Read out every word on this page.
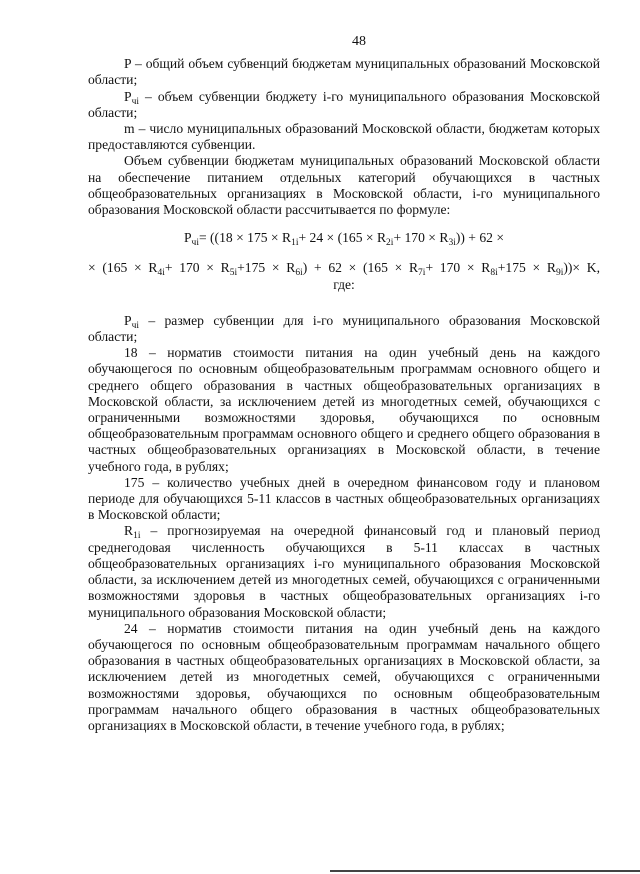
48

P – общий объем субвенций бюджетам муниципальных образований Московской области;

$P_{чi}$ – объем субвенции бюджету i-го муниципального образования Московской области;

m – число муниципальных образований Московской области, бюджетам которых предоставляются субвенции.

Объем субвенции бюджетам муниципальных образований Московской области на обеспечение питанием отдельных категорий обучающихся в частных общеобразовательных организациях в Московской области, i-го муниципального образования Московской области рассчитывается по формуле:

$P_{чi}= ((18 \times 175 \times R_{1i}+ 24 \times (165 \times R_{2i}+ 170 \times R_{3i})) + 62$ ×

× $(165 \times R_{4i}+ 170 \times R_{5i}+175 \times R_{6i}) + 62 \times (165 \times R_{7i}+ 170 \times R_{8i}+175 \times R_{9i}))\times K$,

где:

$P_{чi}$ – размер субвенции для i-го муниципального образования Московской области;

18 – норматив стоимости питания на один учебный день на каждого обучающегося по основным общеобразовательным программам основного общего и среднего общего образования в частных общеобразовательных организациях в Московской области, за исключением детей из многодетных семей, обучающихся с ограниченными возможностями здоровья, обучающихся по основным общеобразовательным программам основного общего и среднего общего образования в частных общеобразовательных организациях в Московской области, в течение учебного года, в рублях;

175 – количество учебных дней в очередном финансовом году и плановом периоде для обучающихся 5-11 классов в частных общеобразовательных организациях в Московской области;

$R_{1i}$ – прогнозируемая на очередной финансовый год и плановый период среднегодовая численность обучающихся в 5-11 классах в частных общеобразовательных организациях i-го муниципального образования Московской области, за исключением детей из многодетных семей, обучающихся с ограниченными возможностями здоровья в частных общеобразовательных организациях i-го муниципального образования Московской области;

24 – норматив стоимости питания на один учебный день на каждого обучающегося по основным общеобразовательным программам начального общего образования в частных общеобразовательных организациях в Московской области, за исключением детей из многодетных семей, обучающихся с ограниченными возможностями здоровья, обучающихся по основным общеобразовательным программам начального общего образования в частных общеобразовательных организациях в Московской области, в течение учебного года, в рублях;
